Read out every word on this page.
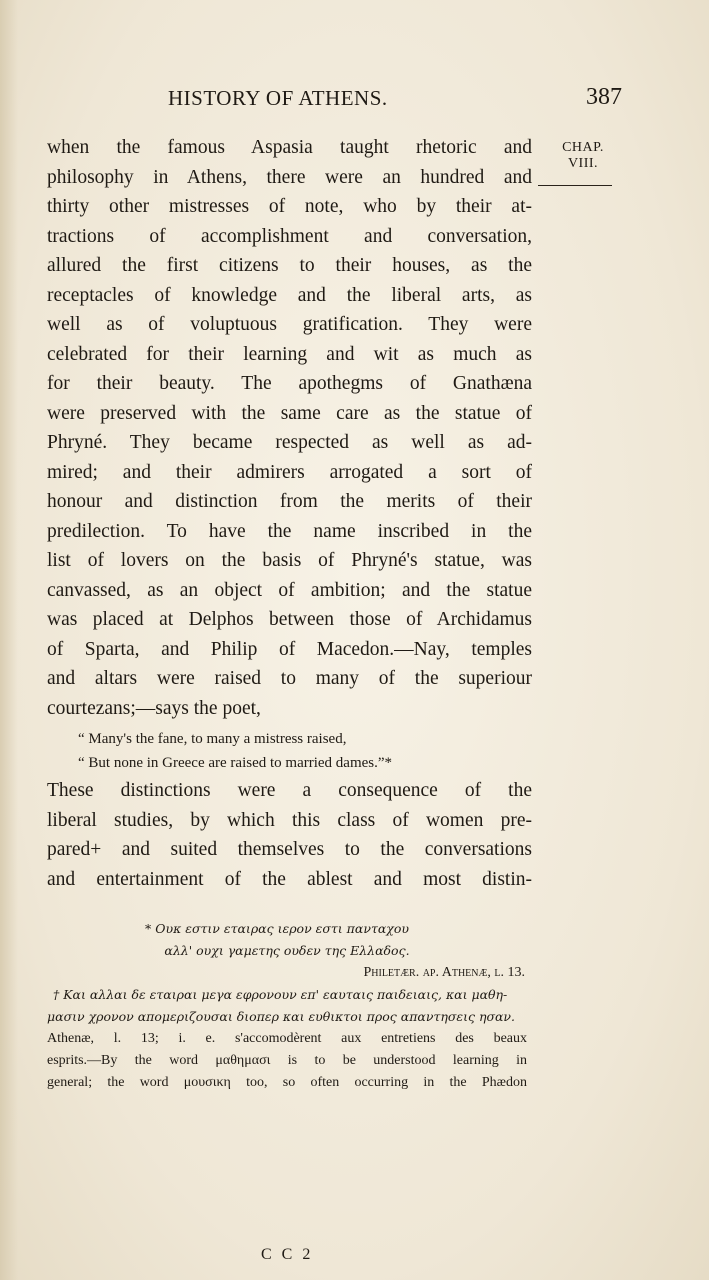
HISTORY OF ATHENS.	387
CHAP.
VIII.
when the famous Aspasia taught rhetoric and
philosophy in Athens, there were an hundred and
thirty other mistresses of note, who by their at-
tractions of accomplishment and conversation,
allured the first citizens to their houses, as the
receptacles of knowledge and the liberal arts, as
well as of voluptuous gratification. They were
celebrated for their learning and wit as much as
for their beauty. The apothegms of Gnathæna
were preserved with the same care as the statue of
Phryné. They became respected as well as ad-
mired; and their admirers arrogated a sort of
honour and distinction from the merits of their
predilection. To have the name inscribed in the
list of lovers on the basis of Phryné's statue, was
canvassed, as an object of ambition; and the statue
was placed at Delphos between those of Archidamus
of Sparta, and Philip of Macedon.—Nay, temples
and altars were raised to many of the superiour
courtezans;—says the poet,
“ Many's the fane, to many a mistress raised,
“ But none in Greece are raised to married dames.”*
These distinctions were a consequence of the
liberal studies, by which this class of women pre-
pared+ and suited themselves to the conversations
and entertainment of the ablest and most distin-
* Ουκ εστιν εταιρας ιερον εστι πανταχου
αλλ' ουχι γαμετης ουδεν της Ελλαδος.
Philetær. ap. Athenæ, l. 13.
† Και αλλαι δε εταιραι μεγα εφρονουν επ' εαυταις παιδειαις, και μαθη-
μασιν χρονον απομεριζουσαι διοπερ και ευθικτοι προς απαντησεις ησαν.
Athenæ, l. 13; i. e. s'accomodèrent aux entretiens des beaux
esprits.—By the word μαθημασι is to be understood learning in
general; the word μουσικη too, so often occurring in the Phædon
C C 2
